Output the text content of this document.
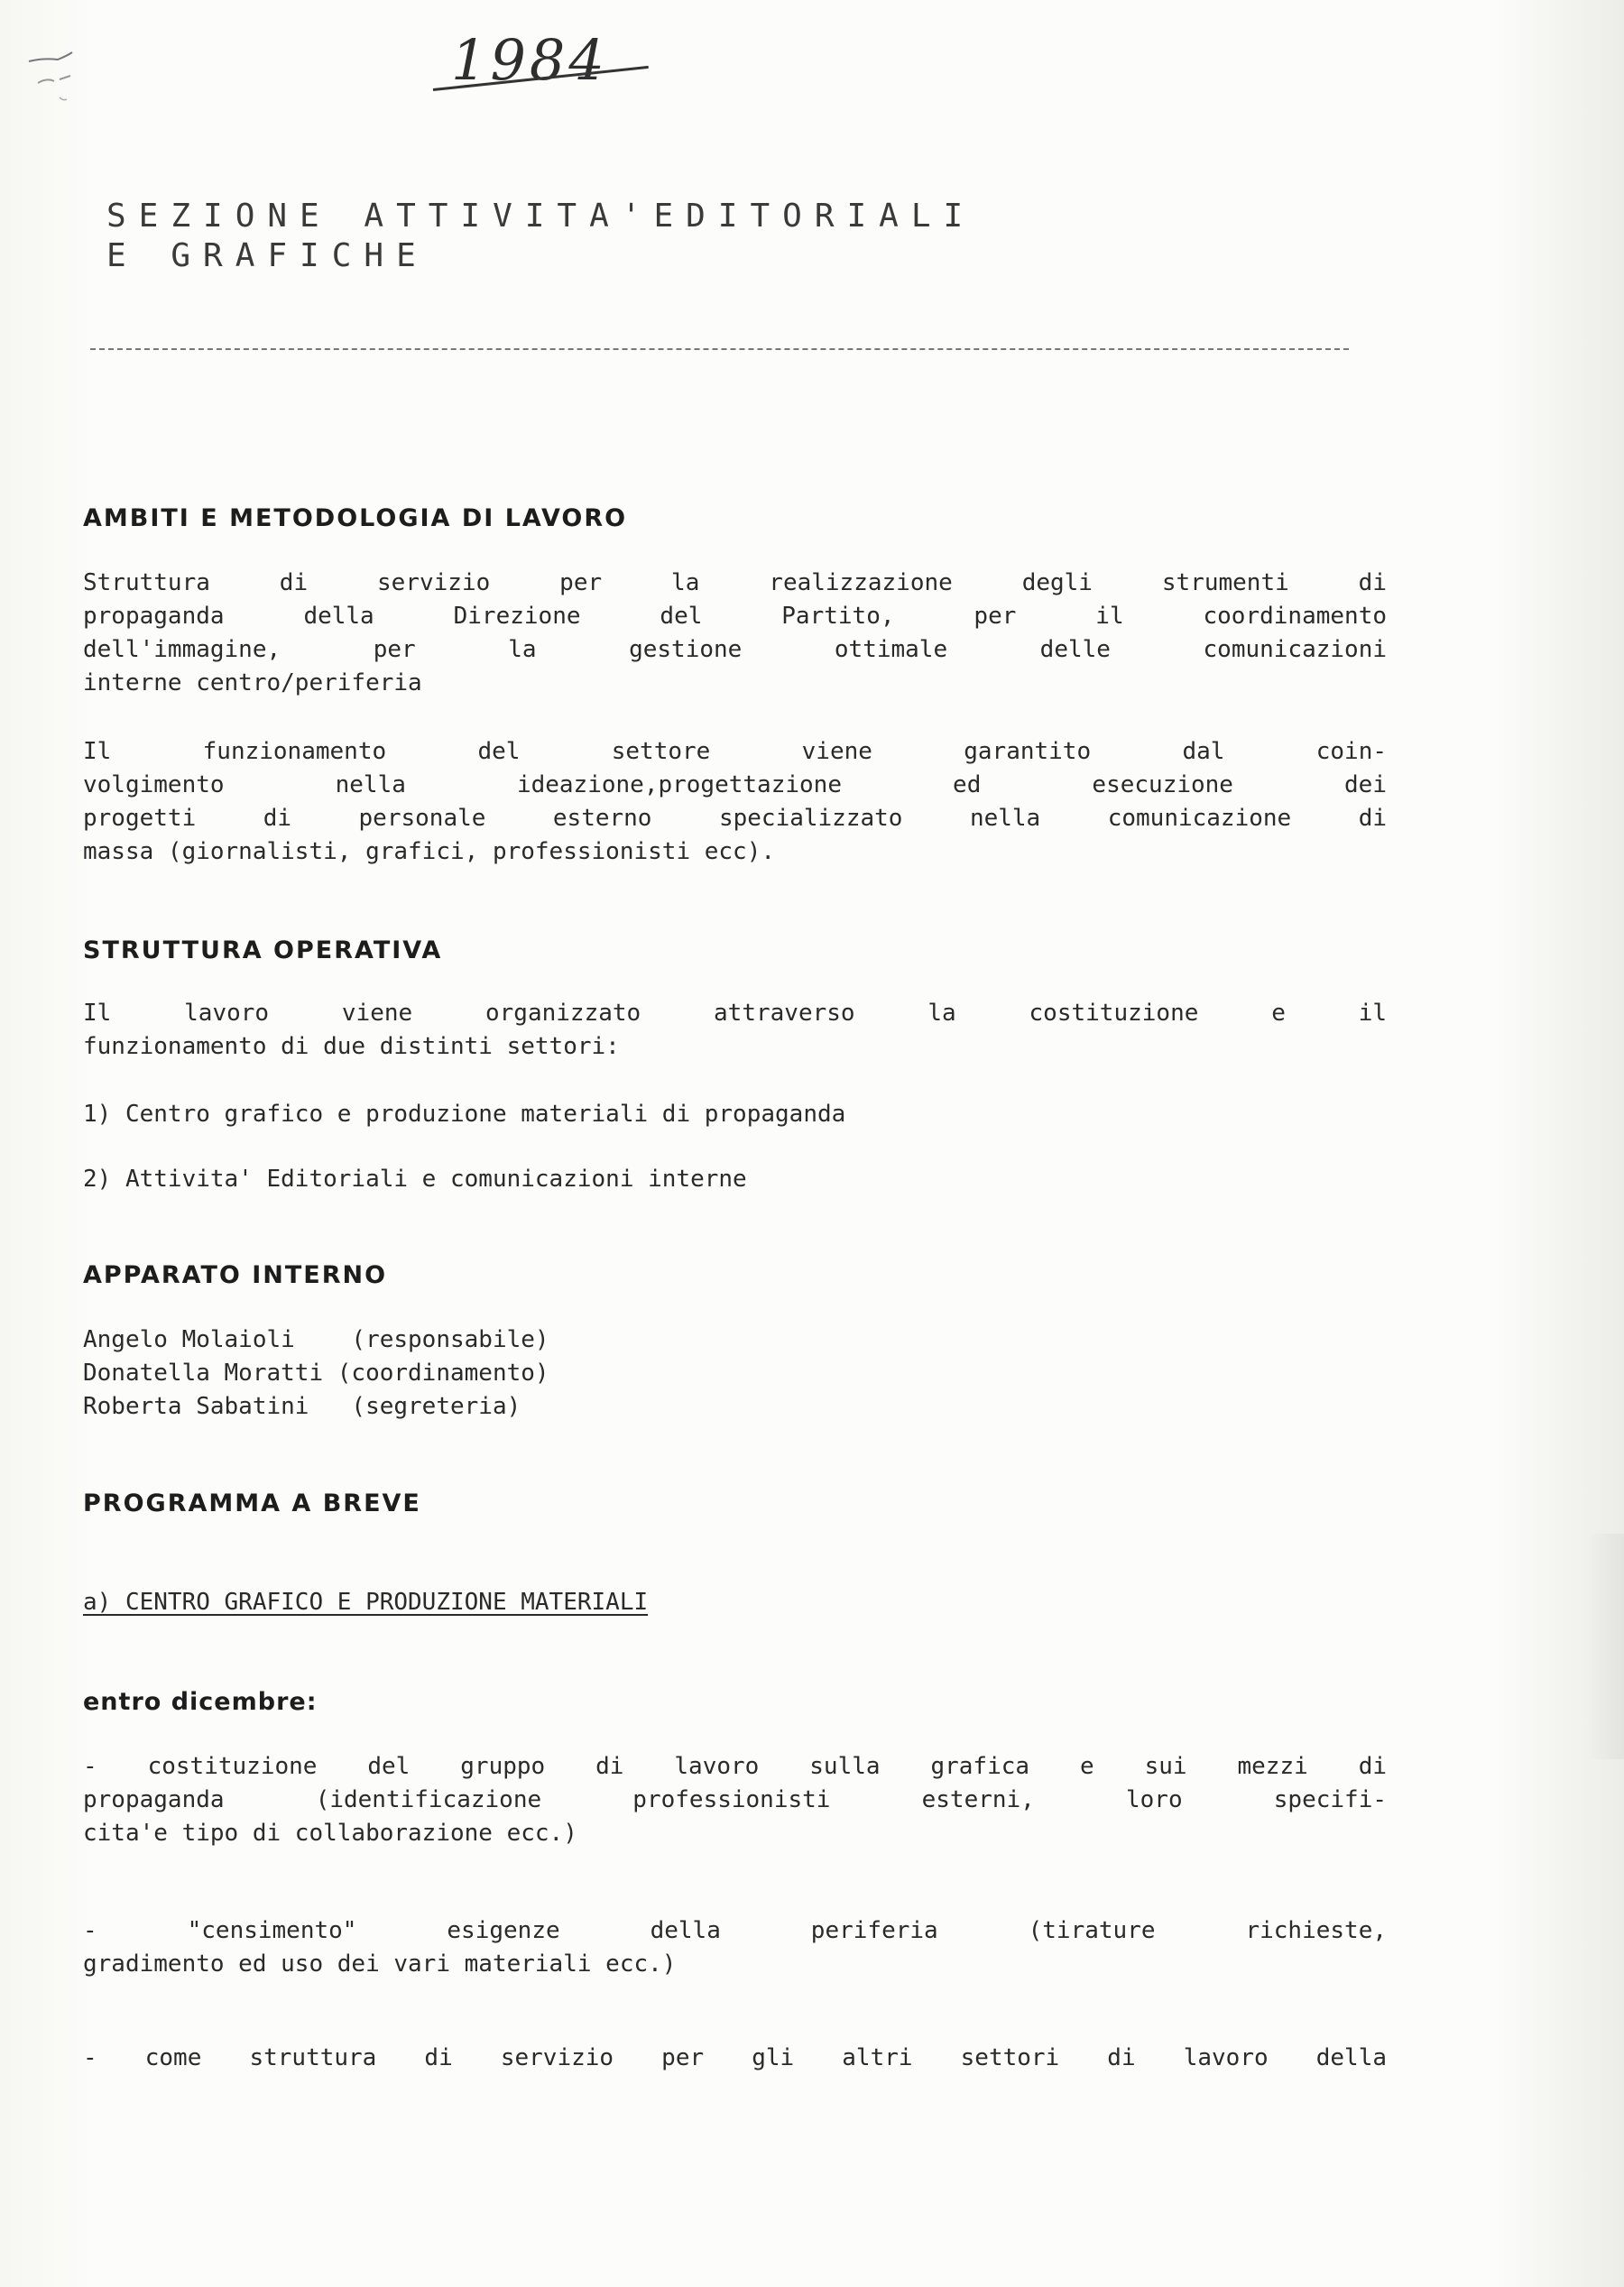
1984
SEZIONE ATTIVITA'EDITORIALI
E GRAFICHE
AMBITI E METODOLOGIA DI LAVORO
Struttura di servizio per la realizzazione degli strumenti di
propaganda della Direzione del Partito, per il coordinamento
dell'immagine, per la gestione ottimale delle comunicazioni
interne centro/periferia
Il funzionamento del settore viene garantito dal coin-
volgimento nella ideazione,progettazione ed esecuzione dei
progetti di personale esterno specializzato nella comunicazione di
massa (giornalisti, grafici, professionisti ecc).
STRUTTURA OPERATIVA
Il lavoro viene organizzato attraverso la costituzione e il
funzionamento di due distinti settori:
1) Centro grafico e produzione materiali di propaganda
2) Attivita' Editoriali e comunicazioni interne
APPARATO INTERNO
Angelo Molaioli    (responsabile)
Donatella Moratti (coordinamento)
Roberta Sabatini   (segreteria)
PROGRAMMA A BREVE
a) CENTRO GRAFICO E PRODUZIONE MATERIALI
entro dicembre:
- costituzione del gruppo di lavoro sulla grafica e sui mezzi di
propaganda (identificazione professionisti esterni, loro specifi-
cita'e tipo di collaborazione ecc.)
- "censimento" esigenze della periferia (tirature richieste,
gradimento ed uso dei vari materiali ecc.)
- come struttura di servizio per gli altri settori di lavoro della
